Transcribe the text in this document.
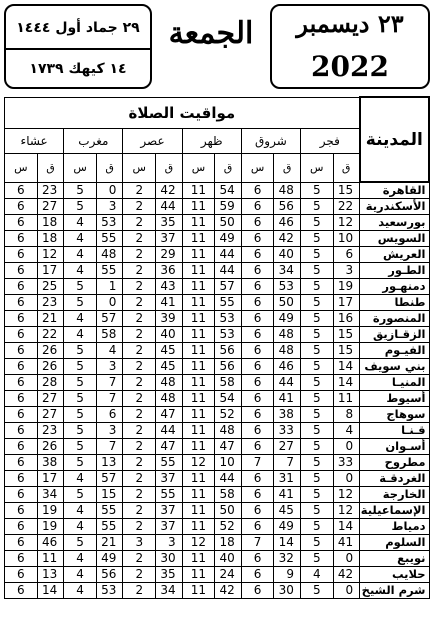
٢٣ ديسمبر
2022
الجمعة
٢٩ جماد أول ١٤٤٤
١٤ كيهك ١٧٣٩
المدينة	مواقيت الصلاة											
	فجر		شروق		ظهر		عصر		مغرب		عشاء	
	ق	س	ق	س	ق	س	ق	س	ق	س	ق	س
القاهرة	15	5	48	6	54	11	42	2	0	5	23	6
الأسكندرية	22	5	56	6	59	11	44	2	3	5	27	6
بورسعيد	12	5	46	6	50	11	35	2	53	4	18	6
السويس	10	5	42	6	49	11	37	2	55	4	18	6
العريش	6	5	40	6	44	11	29	2	48	4	12	6
الطـور	3	5	34	6	44	11	36	2	55	4	17	6
دمنهـور	19	5	53	6	57	11	43	2	1	5	25	6
طنطا	17	5	50	6	55	11	41	2	0	5	23	6
المنصورة	16	5	49	6	53	11	39	2	57	4	21	6
الزقـازيق	15	5	48	6	53	11	40	2	58	4	22	6
الفيـوم	15	5	48	6	56	11	45	2	4	5	26	6
بني سويف	14	5	46	6	56	11	45	2	3	5	26	6
المنيـا	14	5	44	6	58	11	48	2	7	5	28	6
أسيوط	11	5	41	6	54	11	48	2	7	5	27	6
سوهاج	8	5	38	6	52	11	47	2	6	5	27	6
قـنـا	4	5	33	6	48	11	44	2	3	5	23	6
أسـوان	0	5	27	6	47	11	47	2	7	5	26	6
مطروح	33	5	7	7	10	12	55	2	13	5	38	6
الغردقـة	0	5	31	6	44	11	37	2	57	4	17	6
الخارجة	12	5	41	6	58	11	55	2	15	5	34	6
الإسماعيلية	12	5	45	6	50	11	37	2	55	4	19	6
دمياط	14	5	49	6	52	11	37	2	55	4	19	6
السلوم	41	5	14	7	18	12	3	3	21	5	46	6
نويبع	0	5	32	6	40	11	30	2	49	4	11	6
حلايب	42	4	9	6	24	11	35	2	56	4	13	6
شرم الشيخ	0	5	30	6	42	11	34	2	53	4	14	6
